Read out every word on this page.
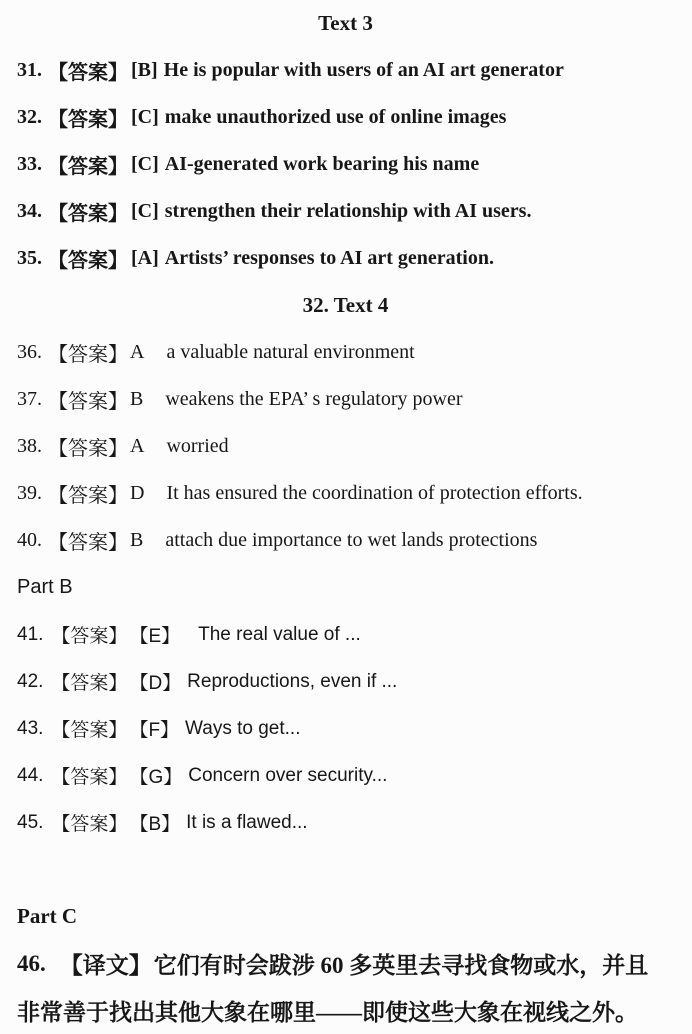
Text 3
31. 【答案】 [B] He is popular with users of an AI art generator
32. 【答案】 [C] make unauthorized use of online images
33. 【答案】 [C] AI-generated work bearing his name
34. 【答案】 [C] strengthen their relationship with AI users.
35. 【答案】 [A] Artists’ responses to AI art generation.
32. Text 4
36. 【答案】 A a valuable natural environment
37. 【答案】 B weakens the EPA’ s regulatory power
38. 【答案】 A worried
39. 【答案】 D It has ensured the coordination of protection efforts.
40. 【答案】 B attach due importance to wet lands protections
Part B
41. 【答案】 【E】 The real value of ...
42. 【答案】 【D】 Reproductions, even if ...
43. 【答案】 【F】 Ways to get...
44. 【答案】 【G】 Concern over security...
45. 【答案】 【B】 It is a flawed...
Part C
46. 【译文】 它们有时会跋涉 60 多英里去寻找食物或水，并且
非常善于找出其他大象在哪里——即使这些大象在视线之外。
